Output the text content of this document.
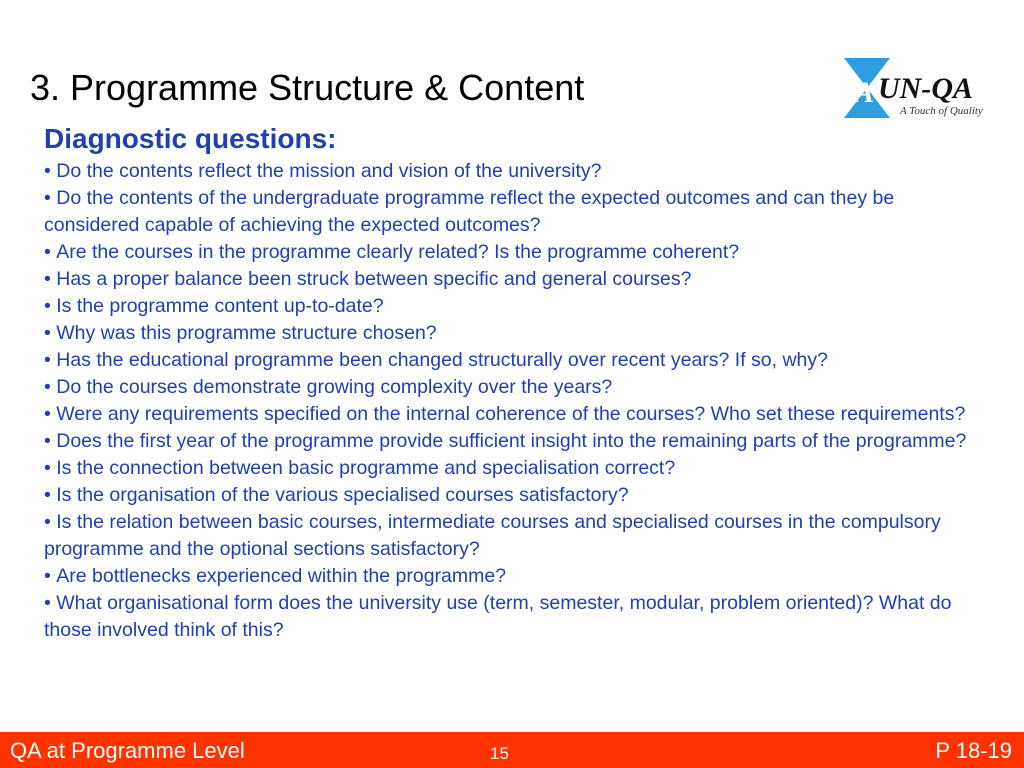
3. Programme Structure & Content	A UN-QA
A Touch of Quality
Diagnostic questions:
• Do the contents reflect the mission and vision of the university?
• Do the contents of the undergraduate programme reflect the expected outcomes and can they be considered capable of achieving the expected outcomes?
• Are the courses in the programme clearly related? Is the programme coherent?
• Has a proper balance been struck between specific and general courses?
• Is the programme content up-to-date?
• Why was this programme structure chosen?
• Has the educational programme been changed structurally over recent years? If so, why?
• Do the courses demonstrate growing complexity over the years?
• Were any requirements specified on the internal coherence of the courses? Who set these requirements?
• Does the first year of the programme provide sufficient insight into the remaining parts of the programme?
• Is the connection between basic programme and specialisation correct?
• Is the organisation of the various specialised courses satisfactory?
• Is the relation between basic courses, intermediate courses and specialised courses in the compulsory programme and the optional sections satisfactory?
• Are bottlenecks experienced within the programme?
• What organisational form does the university use (term, semester, modular, problem oriented)? What do those involved think of this?
QA at Programme Level	15	P 18-19
